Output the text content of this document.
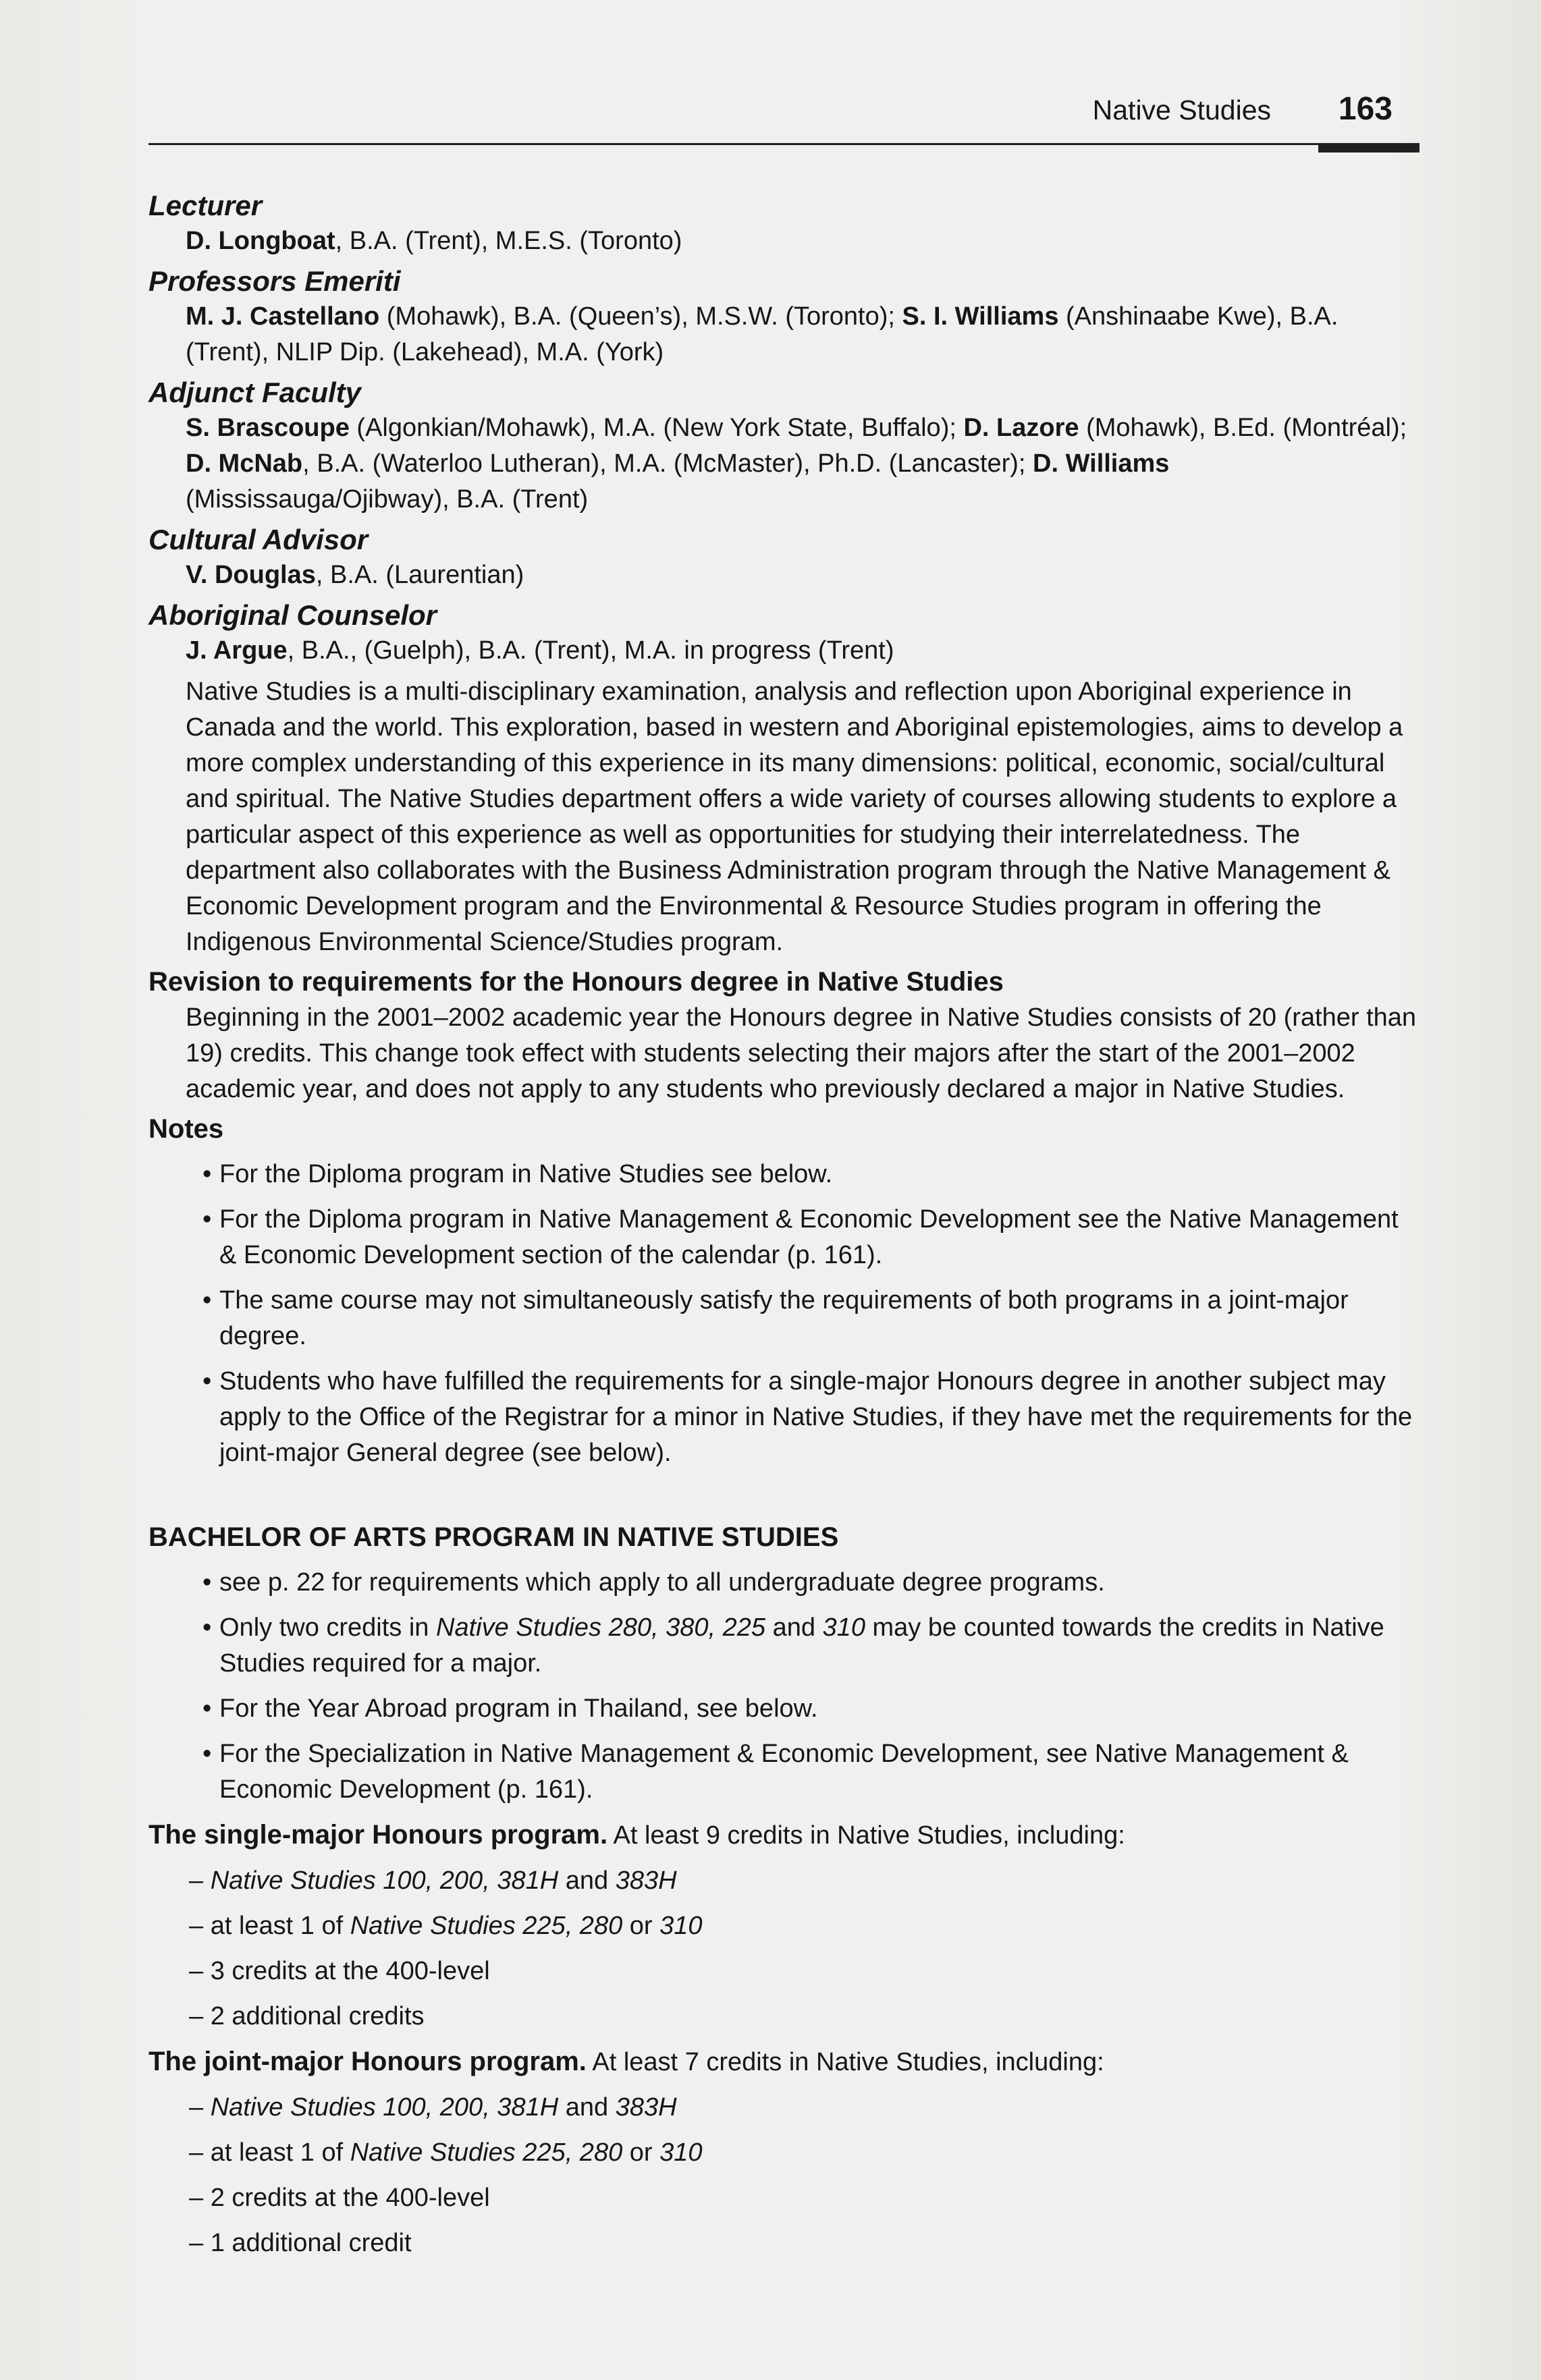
Native Studies 163
Lecturer
D. Longboat, B.A. (Trent), M.E.S. (Toronto)
Professors Emeriti
M. J. Castellano (Mohawk), B.A. (Queen’s), M.S.W. (Toronto); S. I. Williams (Anshinaabe Kwe), B.A. (Trent), NLIP Dip. (Lakehead), M.A. (York)
Adjunct Faculty
S. Brascoupe (Algonkian/Mohawk), M.A. (New York State, Buffalo); D. Lazore (Mohawk), B.Ed. (Montréal); D. McNab, B.A. (Waterloo Lutheran), M.A. (McMaster), Ph.D. (Lancaster); D. Williams (Mississauga/Ojibway), B.A. (Trent)
Cultural Advisor
V. Douglas, B.A. (Laurentian)
Aboriginal Counselor
J. Argue, B.A., (Guelph), B.A. (Trent), M.A. in progress (Trent)
Native Studies is a multi-disciplinary examination, analysis and reflection upon Aboriginal experience in Canada and the world. This exploration, based in western and Aboriginal epistemologies, aims to develop a more complex understanding of this experience in its many dimensions: political, economic, social/cultural and spiritual. The Native Studies department offers a wide variety of courses allowing students to explore a particular aspect of this experience as well as opportunities for studying their interrelatedness. The department also collaborates with the Business Administration program through the Native Management & Economic Development program and the Environmental & Resource Studies program in offering the Indigenous Environmental Science/Studies program.
Revision to requirements for the Honours degree in Native Studies
Beginning in the 2001–2002 academic year the Honours degree in Native Studies consists of 20 (rather than 19) credits. This change took effect with students selecting their majors after the start of the 2001–2002 academic year, and does not apply to any students who previously declared a major in Native Studies.
Notes
• For the Diploma program in Native Studies see below.
• For the Diploma program in Native Management & Economic Development see the Native Management & Economic Development section of the calendar (p. 161).
• The same course may not simultaneously satisfy the requirements of both programs in a joint-major degree.
• Students who have fulfilled the requirements for a single-major Honours degree in another subject may apply to the Office of the Registrar for a minor in Native Studies, if they have met the requirements for the joint-major General degree (see below).
BACHELOR OF ARTS PROGRAM IN NATIVE STUDIES
• see p. 22 for requirements which apply to all undergraduate degree programs.
• Only two credits in Native Studies 280, 380, 225 and 310 may be counted towards the credits in Native Studies required for a major.
• For the Year Abroad program in Thailand, see below.
• For the Specialization in Native Management & Economic Development, see Native Management & Economic Development (p. 161).
The single-major Honours program. At least 9 credits in Native Studies, including:
– Native Studies 100, 200, 381H and 383H
– at least 1 of Native Studies 225, 280 or 310
– 3 credits at the 400-level
– 2 additional credits
The joint-major Honours program. At least 7 credits in Native Studies, including:
– Native Studies 100, 200, 381H and 383H
– at least 1 of Native Studies 225, 280 or 310
– 2 credits at the 400-level
– 1 additional credit
